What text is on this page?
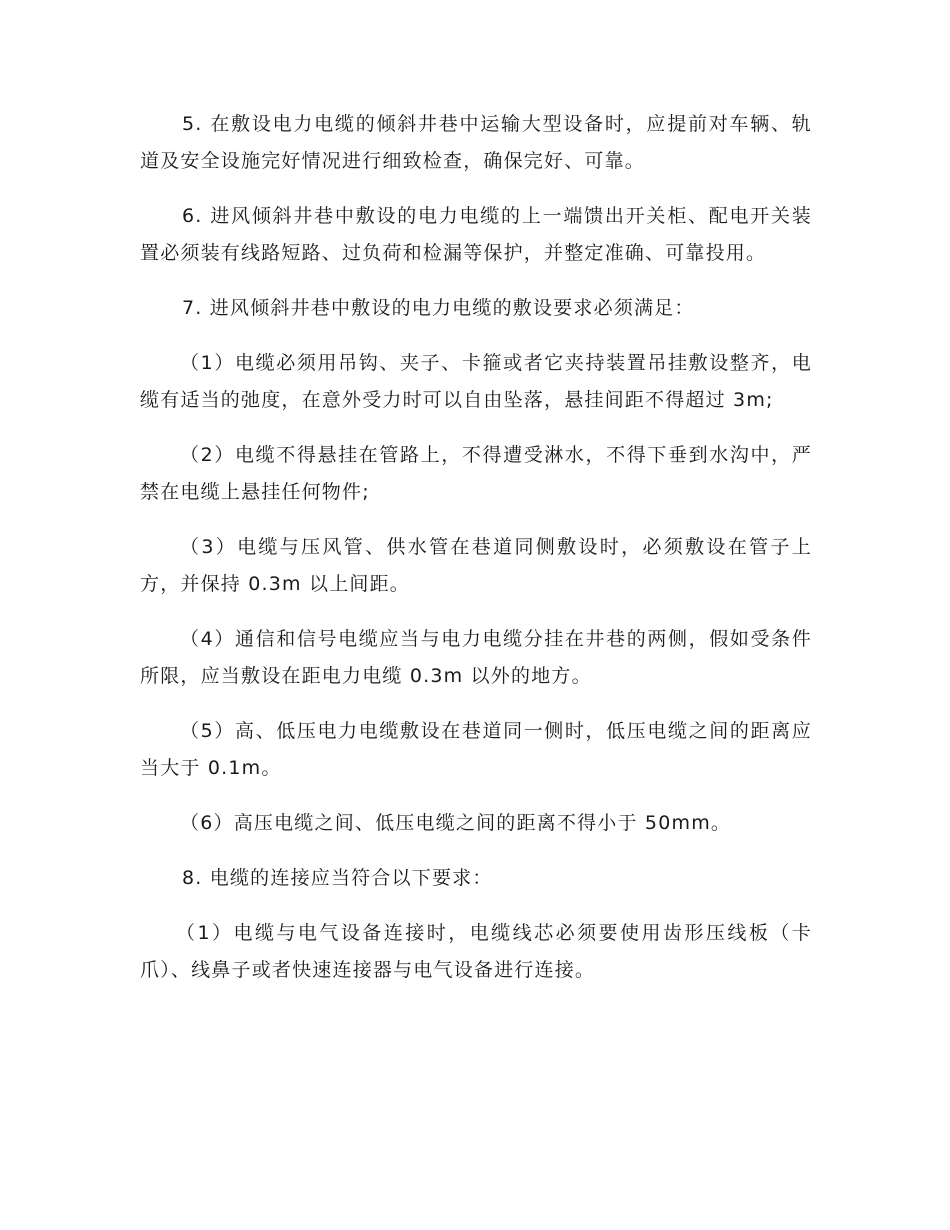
5. 在敷设电力电缆的倾斜井巷中运输大型设备时，应提前对车辆、轨道及安全设施完好情况进行细致检查，确保完好、可靠。

6. 进风倾斜井巷中敷设的电力电缆的上一端馈出开关柜、配电开关装置必须装有线路短路、过负荷和检漏等保护，并整定准确、可靠投用。

7. 进风倾斜井巷中敷设的电力电缆的敷设要求必须满足：

（1）电缆必须用吊钩、夹子、卡箍或者它夹持装置吊挂敷设整齐，电缆有适当的弛度，在意外受力时可以自由坠落，悬挂间距不得超过 3m;

（2）电缆不得悬挂在管路上，不得遭受淋水，不得下垂到水沟中，严禁在电缆上悬挂任何物件;

（3）电缆与压风管、供水管在巷道同侧敷设时，必须敷设在管子上方，并保持 0.3m 以上间距。

（4）通信和信号电缆应当与电力电缆分挂在井巷的两侧，假如受条件所限，应当敷设在距电力电缆 0.3m 以外的地方。

（5）高、低压电力电缆敷设在巷道同一侧时，低压电缆之间的距离应当大于 0.1m。

（6）高压电缆之间、低压电缆之间的距离不得小于 50mm。

8. 电缆的连接应当符合以下要求：

（1）电缆与电气设备连接时，电缆线芯必须要使用齿形压线板（卡爪）、线鼻子或者快速连接器与电气设备进行连接。
